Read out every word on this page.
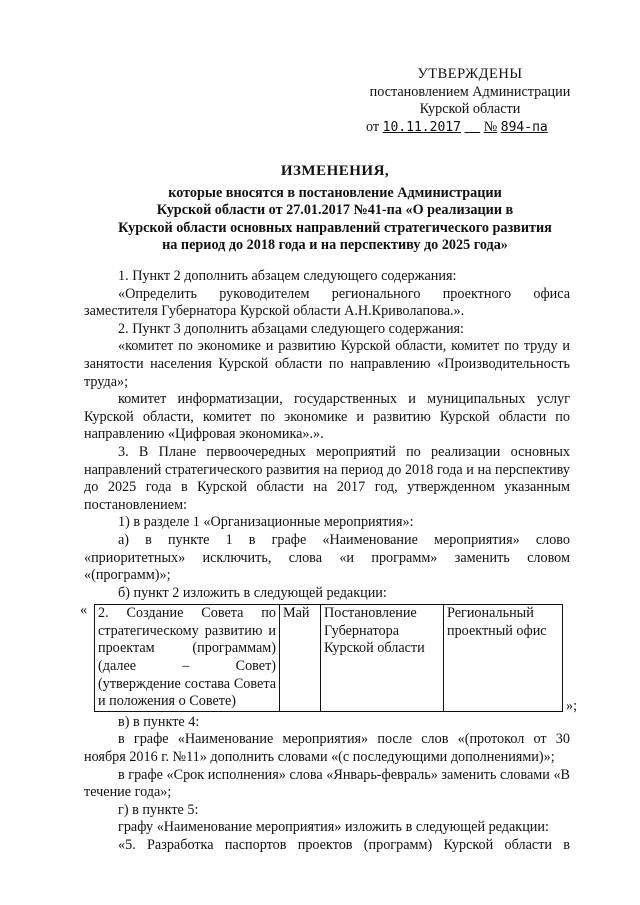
УТВЕРЖДЕНЫ
постановлением Администрации
Курской области
от 10.11.2017 № 894-па
ИЗМЕНЕНИЯ,
которые вносятся в постановление Администрации
Курской области от 27.01.2017 №41-па «О реализации в
Курской области основных направлений стратегического развития
на период до 2018 года и на перспективу до 2025 года»

1. Пункт 2 дополнить абзацем следующего содержания:

«Определить руководителем регионального проектного офиса заместителя Губернатора Курской области А.Н.Криволапова.».

2. Пункт 3 дополнить абзацами следующего содержания:

«комитет по экономике и развитию Курской области, комитет по труду и занятости населения Курской области по направлению «Производительность труда»;

комитет информатизации, государственных и муниципальных услуг Курской области, комитет по экономике и развитию Курской области по направлению «Цифровая экономика».».

3. В Плане первоочередных мероприятий по реализации основных направлений стратегического развития на период до 2018 года и на перспективу до 2025 года в Курской области на 2017 год, утвержденном указанным постановлением:

1) в разделе 1 «Организационные мероприятия»:

а) в пункте 1 в графе «Наименование мероприятия» слово «приоритетных» исключить, слова «и программ» заменить словом «(программ)»;

б) пункт 2 изложить в следующей редакции:

« 2. Создание Совета по стратегическому развитию и проектам (программам) (далее – Совет) (утверждение состава Совета и положения о Совете)	Май	Постановление Губернатора Курской области	Региональный проектный офис
»;

в) в пункте 4:

в графе «Наименование мероприятия» после слов «(протокол от 30 ноября 2016 г. №11» дополнить словами «(с последующими дополнениями)»;

в графе «Срок исполнения» слова «Январь-февраль» заменить словами «В течение года»;

г) в пункте 5:

графу «Наименование мероприятия» изложить в следующей редакции:

«5. Разработка паспортов проектов (программ) Курской области в
